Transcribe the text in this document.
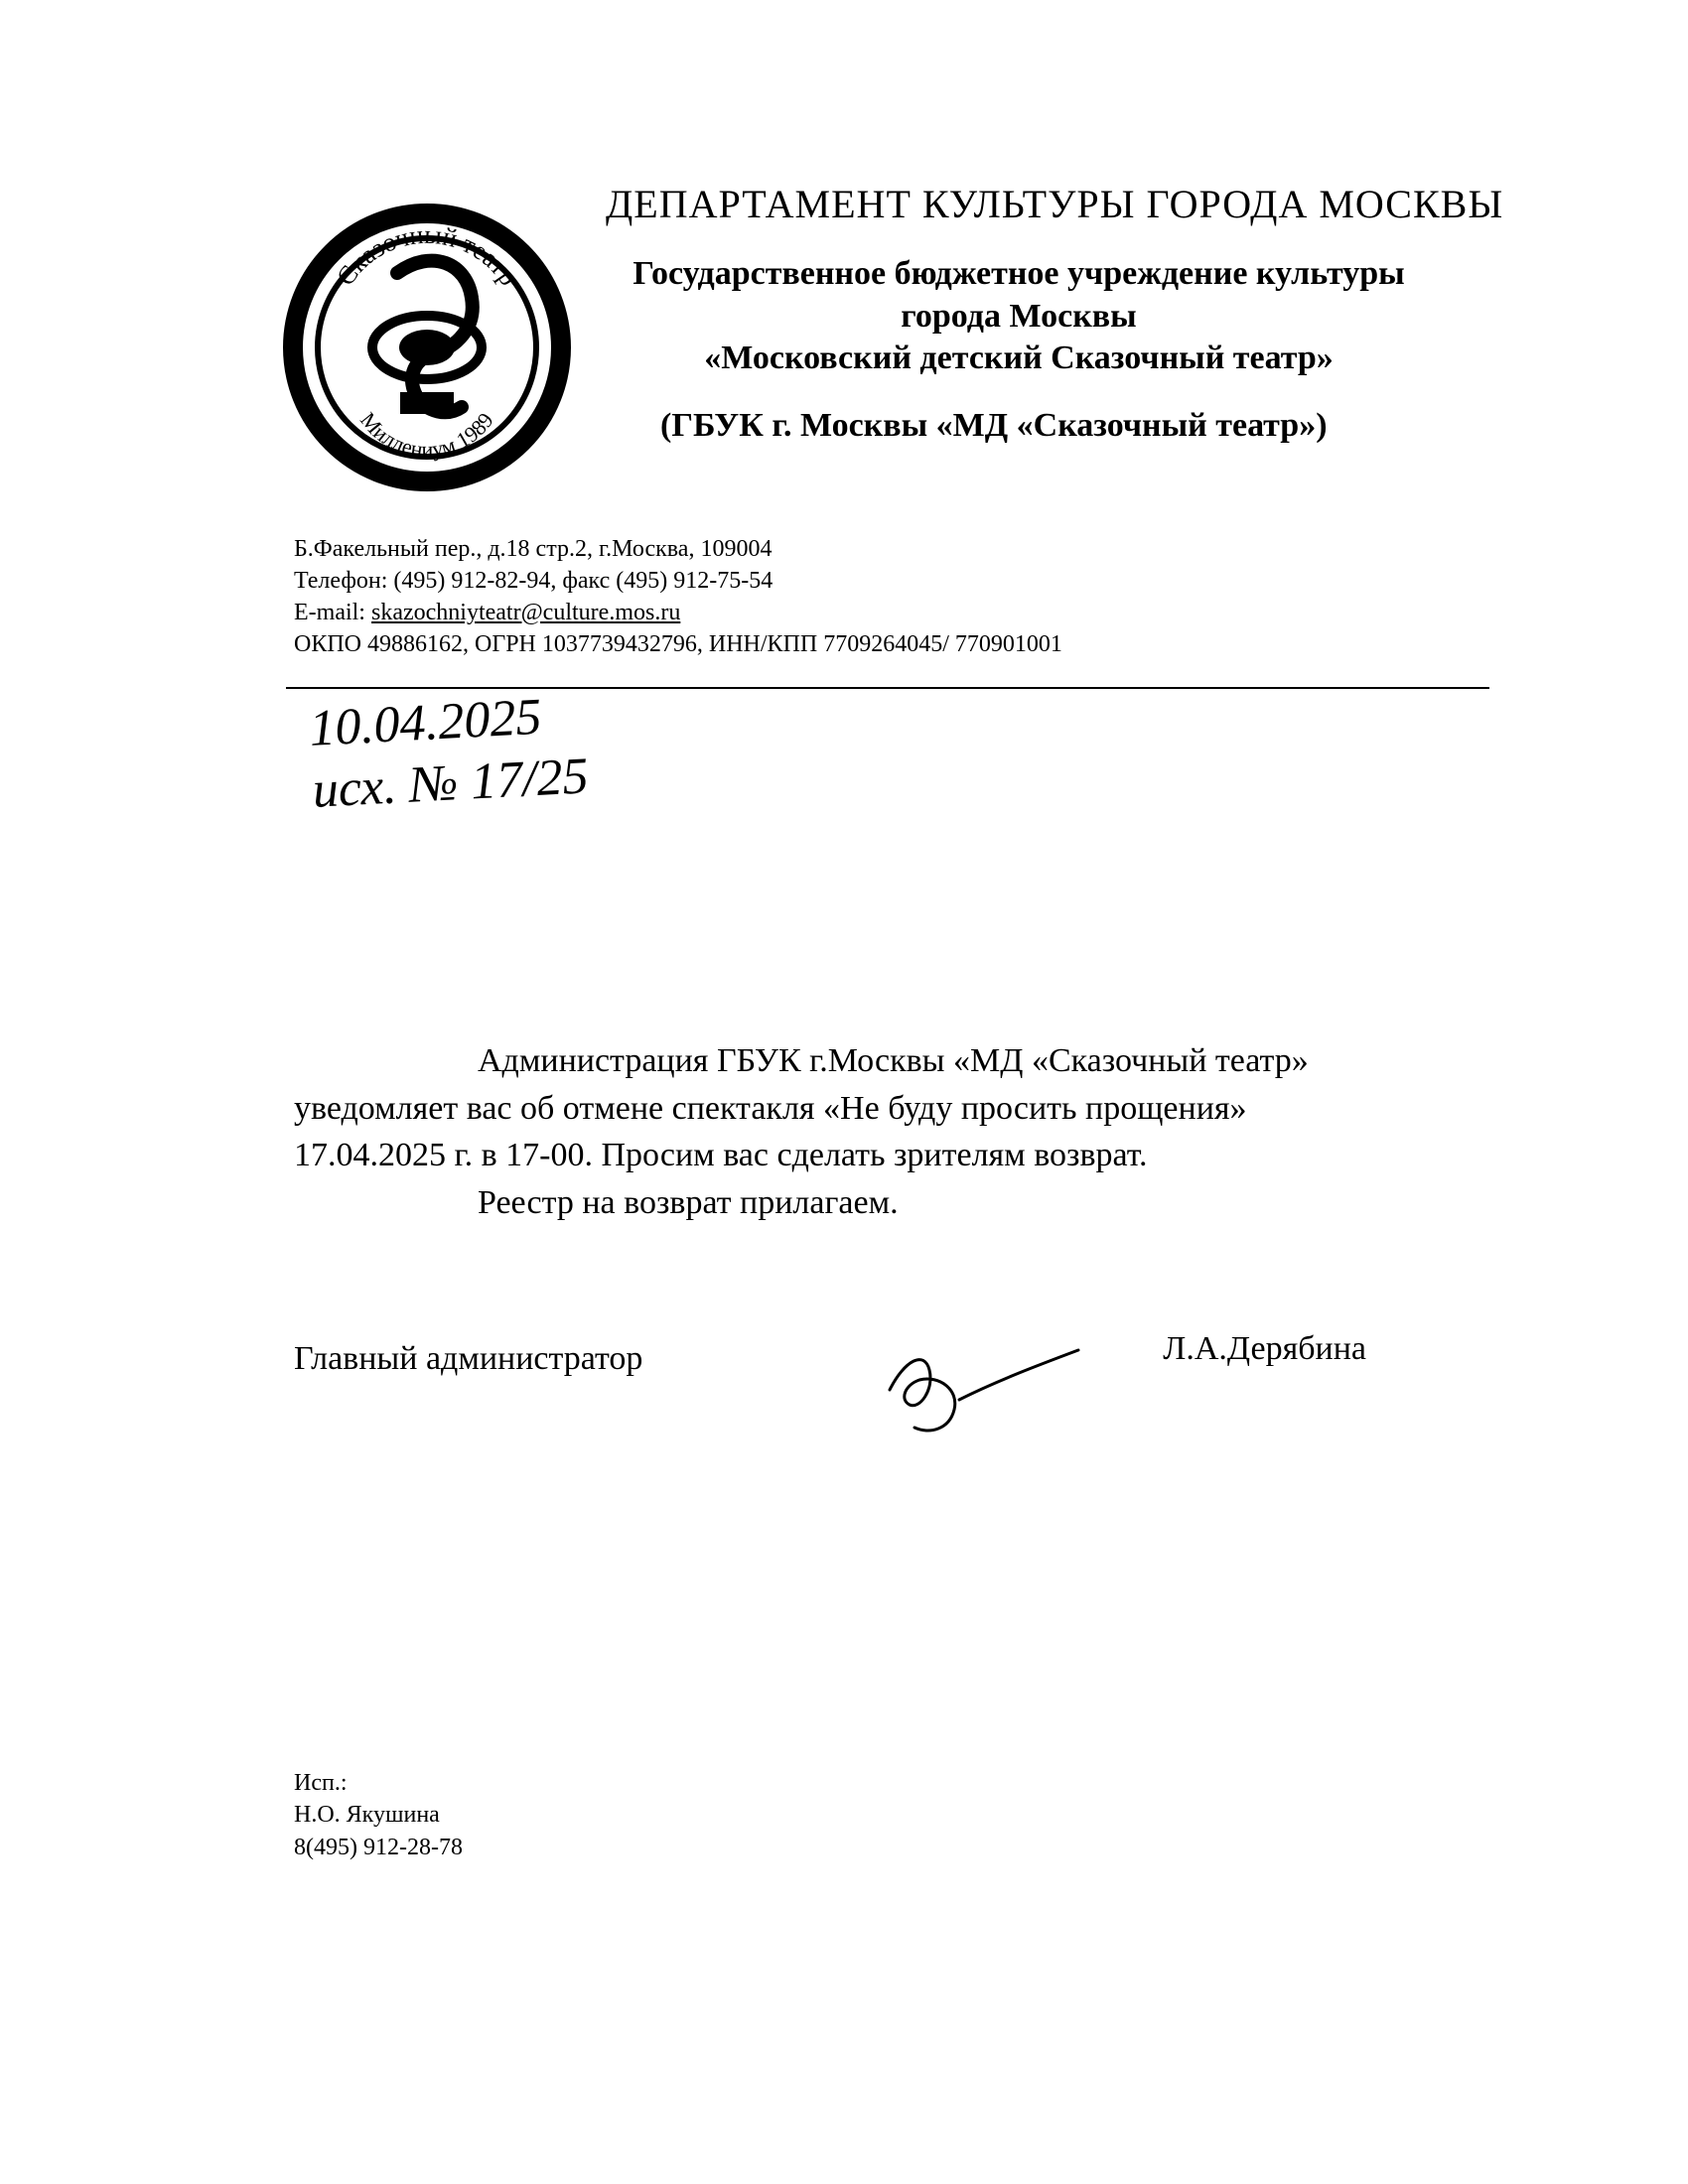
Сказочный театр
Миллениум 1989
ДЕПАРТАМЕНТ КУЛЬТУРЫ ГОРОДА МОСКВЫ
Государственное бюджетное учреждение культуры
города Москвы
«Московский детский Сказочный театр»
(ГБУК г. Москвы «МД «Сказочный театр»)
Б.Факельный пер., д.18 стр.2, г.Москва, 109004
Телефон: (495) 912-82-94, факс (495) 912-75-54
E-mail: skazochniyteatr@culture.mos.ru
ОКПО 49886162, ОГРН 1037739432796, ИНН/КПП 7709264045/ 770901001
10.04.2025
исх. № 17/25
Администрация ГБУК г.Москвы «МД «Сказочный театр»
уведомляет вас об отмене спектакля «Не буду просить прощения»
17.04.2025 г. в 17-00. Просим вас сделать зрителям возврат.
Реестр на возврат прилагаем.
Главный администратор	Л.А.Дерябина
Исп.:
Н.О. Якушина
8(495) 912-28-78
